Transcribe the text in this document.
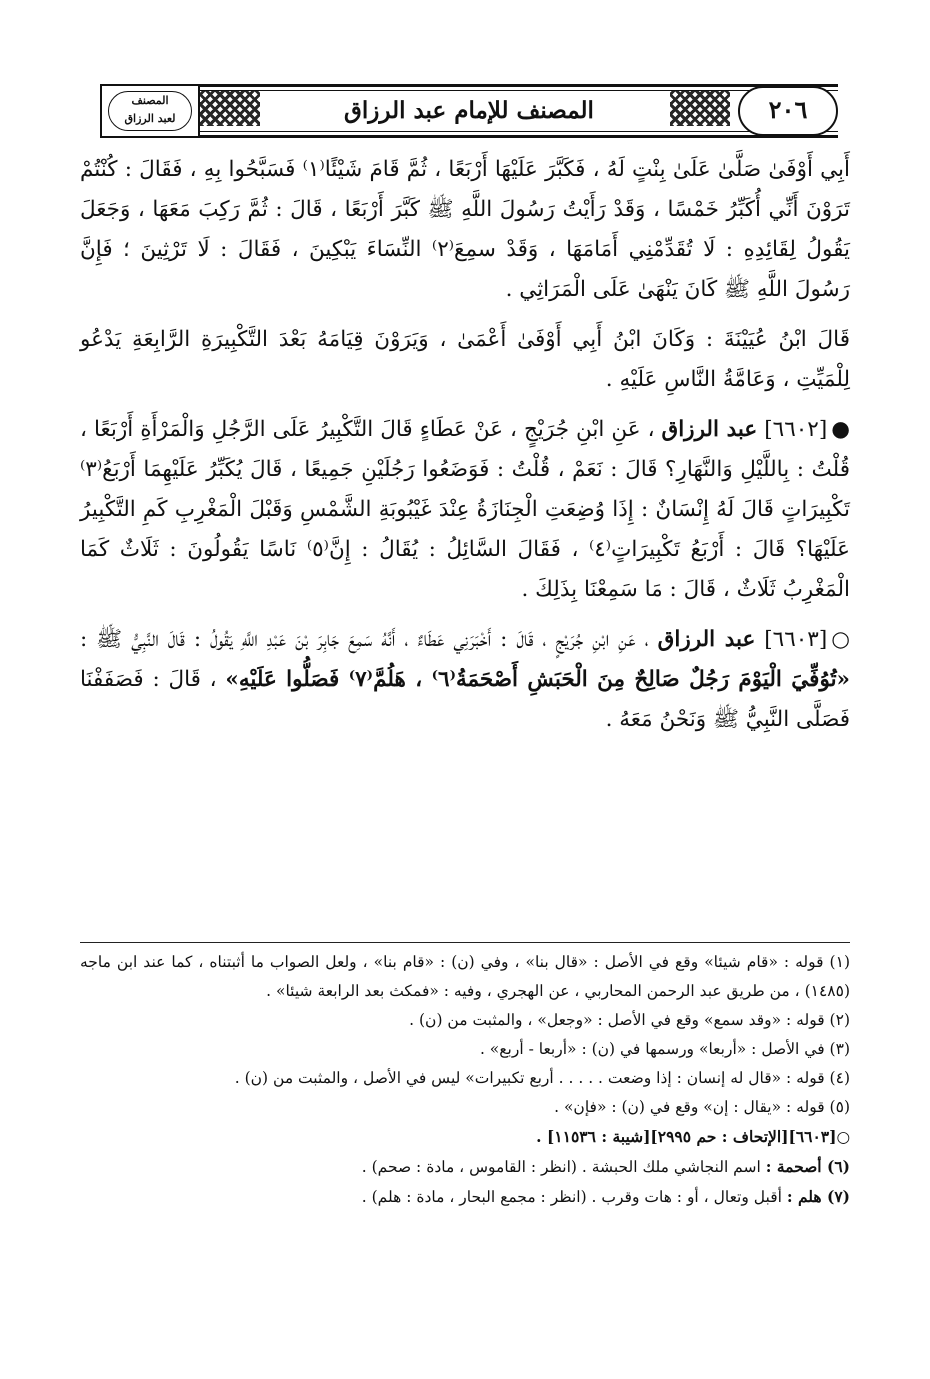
المصنف للإمام عبد الرزاق	٢٠٦
المصنف
لعبد الرزاق

أَبِي أَوْفَىٰ صَلَّىٰ عَلَىٰ بِنْتٍ لَهُ ، فَكَبَّرَ عَلَيْهَا أَرْبَعًا ، ثُمَّ قَامَ شَيْئًا⁽١⁾ فَسَبَّحُوا بِهِ ، فَقَالَ : كُنْتُمْ تَرَوْنَ أَنِّي أُكَبِّرُ خَمْسًا ، وَقَدْ رَأَيْتُ رَسُولَ اللَّهِ ﷺ كَبَّرَ أَرْبَعًا ، قَالَ : ثُمَّ رَكِبَ مَعَهَا ، وَجَعَلَ يَقُولُ لِقَائِدِهِ : لَا تُقَدِّمْنِي أَمَامَهَا ، وَقَدْ سمِعَ⁽٢⁾ النِّسَاءَ يَبْكِينَ ، فَقَالَ : لَا تَرْثِينَ ؛ فَإِنَّ رَسُولَ اللَّهِ ﷺ كَانَ يَنْهَىٰ عَلَى الْمَرَاثِي .

قَالَ ابْنُ عُيَيْنَةَ : وَكَانَ ابْنُ أَبِي أَوْفَىٰ أَعْمَىٰ ، وَيَرَوْنَ قِيَامَهُ بَعْدَ التَّكْبِيرَةِ الرَّابِعَةِ يَدْعُو لِلْمَيِّتِ ، وَعَامَّةُ النَّاسِ عَلَيْهِ .

●[٦٦٠٢] عبد الرزاق ، عَنِ ابْنِ جُرَيْجٍ ، عَنْ عَطَاءٍ قَالَ التَّكْبِيرُ عَلَى الرَّجُلِ وَالْمَرْأَةِ أَرْبَعًا ، قُلْتُ : بِاللَّيْلِ وَالنَّهَارِ؟ قَالَ : نَعَمْ ، قُلْتُ : فَوَضَعُوا رَجُلَيْنِ جَمِيعًا ، قَالَ يُكَبِّرُ عَلَيْهِمَا أَرْبَعُ⁽٣⁾ تَكْبِيرَاتٍ قَالَ لَهُ إِنْسَانٌ : إِذَا وُضِعَتِ الْجِنَازَةُ عِنْدَ غَيْبُوبَةِ الشَّمْسِ وَقَبْلَ الْمَغْرِبِ كَمِ التَّكْبِيرُ عَلَيْهَا؟ قَالَ : أَرْبَعُ تَكْبِيرَاتٍ⁽٤⁾ ، فَقَالَ السَّائِلُ : يُقَالُ : إِنَّ⁽٥⁾ نَاسًا يَقُولُونَ : ثَلَاثٌ كَمَا الْمَغْرِبُ ثَلَاثٌ ، قَالَ : مَا سَمِعْنَا بِذَلِكَ .

○[٦٦٠٣] عبد الرزاق ، عَنِ ابْنِ جُرَيْجٍ ، قَالَ : أَخْبَرَنِي عَطَاءٌ ، أَنَّهُ سَمِعَ جَابِرَ بْنَ عَبْدِ اللَّهِ يَقُولُ : قَالَ النَّبِيُّ ﷺ : «تُوُفِّيَ الْيَوْمَ رَجُلٌ صَالِحٌ مِنَ الْحَبَشِ أَصْحَمَةُ⁽٦⁾ ، هَلُمَّ⁽٧⁾ فَصَلُّوا عَلَيْهِ» ، قَالَ : فَصَفَفْنَا فَصَلَّى النَّبِيُّ ﷺ وَنَحْنُ مَعَهُ .

(١) قوله : «قام شيئا» وقع في الأصل : «قال بنا» ، وفي (ن) : «قام بنا» ، ولعل الصواب ما أثبتناه ، كما عند ابن ماجه (١٤٨٥) ، من طريق عبد الرحمن المحاربي ، عن الهجري ، وفيه : «فمكث بعد الرابعة شيئا» .

(٢) قوله : «وقد سمع» وقع في الأصل : «وجعل» ، والمثبت من (ن) .

(٣) في الأصل : «أربعا» ورسمها في (ن) : «أربعا - أربع» .

(٤) قوله : «قال له إنسان : إذا وضعت . . . . . أربع تكبيرات» ليس في الأصل ، والمثبت من (ن) .

(٥) قوله : «يقال : إن» وقع في (ن) : «فإن» .

○[٦٦٠٣][الإتحاف : حم ٢٩٩٥][شيبة : ١١٥٣٦] .

(٦) أصحمة : اسم النجاشي ملك الحبشة . (انظر : القاموس ، مادة : صحم) .

(٧) هلم : أقبل وتعال ، أو : هات وقرب . (انظر : مجمع البحار ، مادة : هلم) .
